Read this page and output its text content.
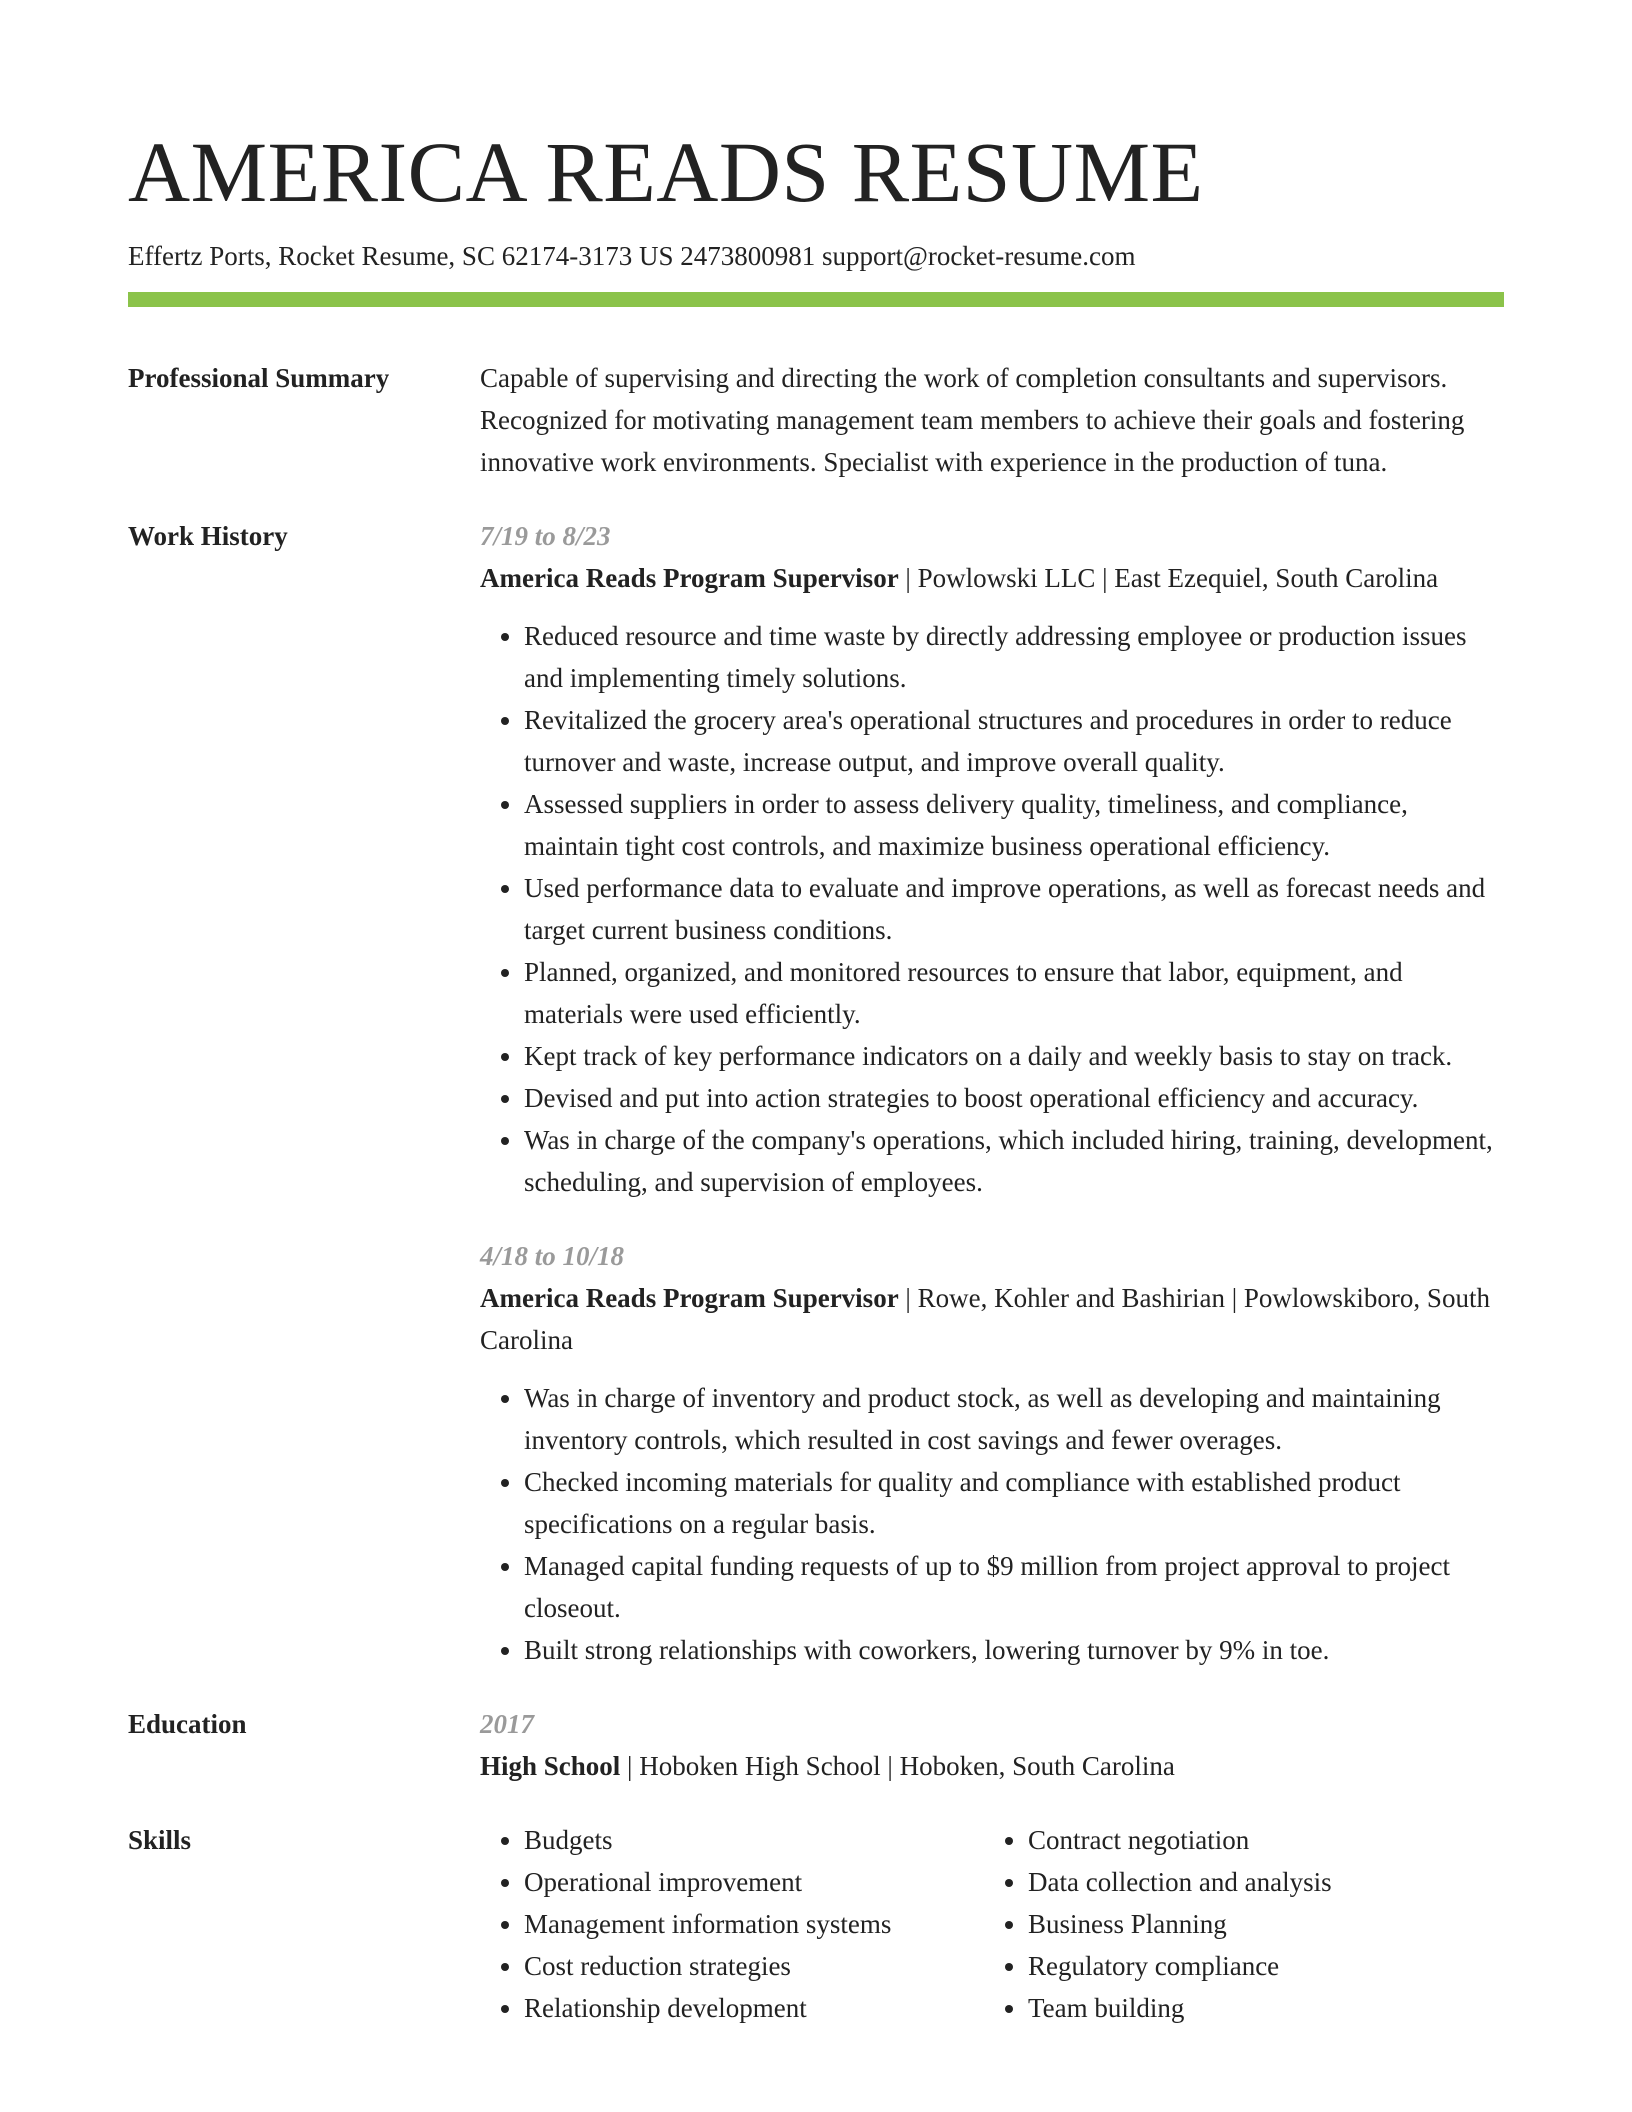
AMERICA READS RESUME
Effertz Ports, Rocket Resume, SC 62174-3173 US 2473800981 support@rocket-resume.com
Professional Summary	Capable of supervising and directing the work of completion consultants and supervisors. Recognized for motivating management team members to achieve their goals and fostering innovative work environments. Specialist with experience in the production of tuna.
Work History	7/19 to 8/23
America Reads Program Supervisor | Powlowski LLC | East Ezequiel, South Carolina
• Reduced resource and time waste by directly addressing employee or production issues and implementing timely solutions.
• Revitalized the grocery area's operational structures and procedures in order to reduce turnover and waste, increase output, and improve overall quality.
• Assessed suppliers in order to assess delivery quality, timeliness, and compliance, maintain tight cost controls, and maximize business operational efficiency.
• Used performance data to evaluate and improve operations, as well as forecast needs and target current business conditions.
• Planned, organized, and monitored resources to ensure that labor, equipment, and materials were used efficiently.
• Kept track of key performance indicators on a daily and weekly basis to stay on track.
• Devised and put into action strategies to boost operational efficiency and accuracy.
• Was in charge of the company's operations, which included hiring, training, development, scheduling, and supervision of employees.
4/18 to 10/18
America Reads Program Supervisor | Rowe, Kohler and Bashirian | Powlowskiboro, South Carolina
• Was in charge of inventory and product stock, as well as developing and maintaining inventory controls, which resulted in cost savings and fewer overages.
• Checked incoming materials for quality and compliance with established product specifications on a regular basis.
• Managed capital funding requests of up to $9 million from project approval to project closeout.
• Built strong relationships with coworkers, lowering turnover by 9% in toe.
Education	2017
High School | Hoboken High School | Hoboken, South Carolina
Skills
•	Budgets
• Operational improvement
• Management information systems
• Cost reduction strategies
• Relationship development
• Contract negotiation
• Data collection and analysis
• Business Planning
• Regulatory compliance
• Team building
